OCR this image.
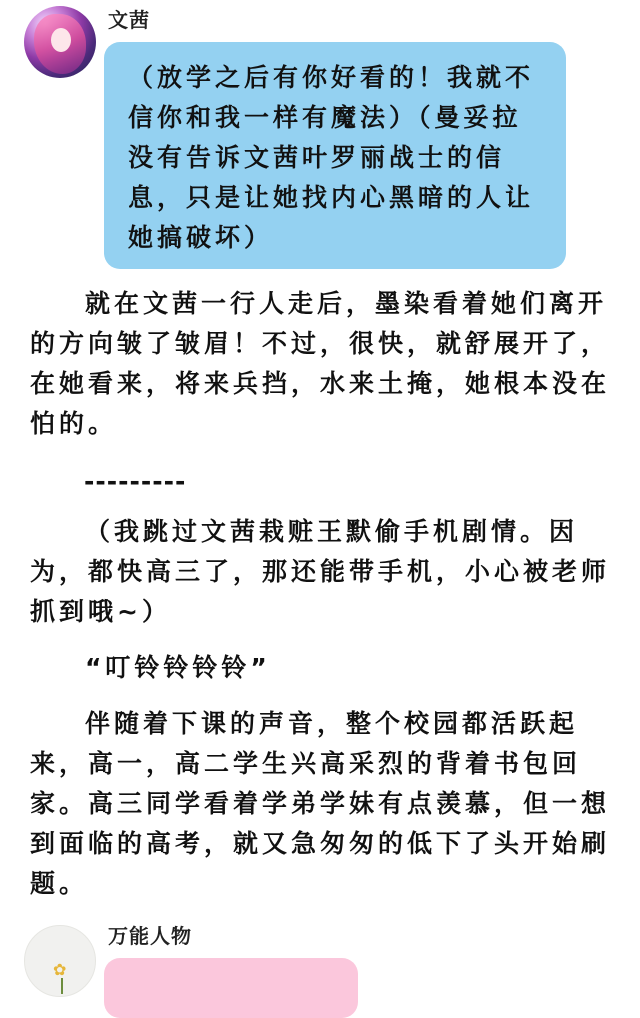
文茜
（放学之后有你好看的！我就不信你和我一样有魔法）（曼妥拉没有告诉文茜叶罗丽战士的信息，只是让她找内心黑暗的人让她搞破坏）

就在文茜一行人走后，墨染看着她们离开的方向皱了皱眉！不过，很快，就舒展开了，在她看来，将来兵挡，水来土掩，她根本没在怕的。

---------

（我跳过文茜栽赃王默偷手机剧情。因为，都快高三了，那还能带手机，小心被老师抓到哦~）

“叮铃铃铃铃”

伴随着下课的声音，整个校园都活跃起来，高一，高二学生兴高采烈的背着书包回家。高三同学看着学弟学妹有点羡慕，但一想到面临的高考，就又急匆匆的低下了头开始刷题。

✿
万能人物
